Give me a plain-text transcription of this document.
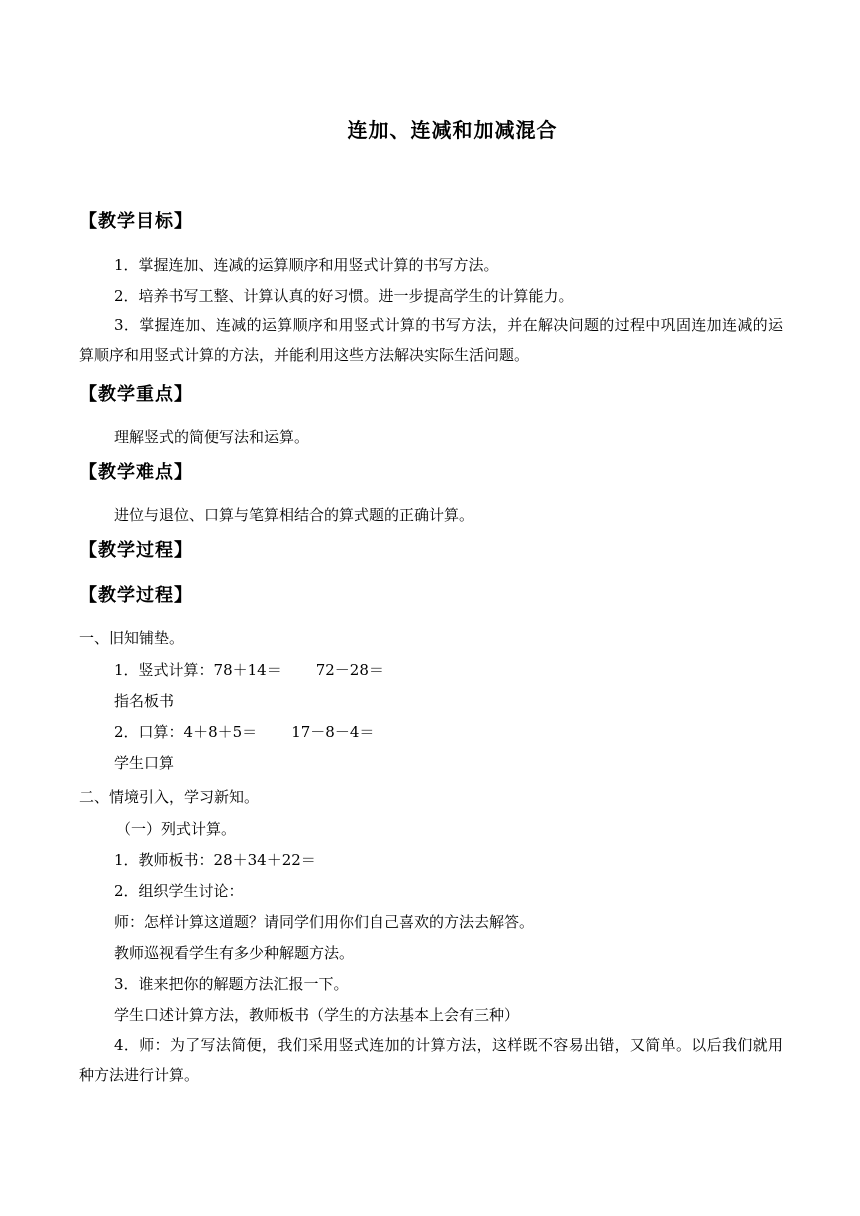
连加、连减和加减混合
【教学目标】
1．掌握连加、连减的运算顺序和用竖式计算的书写方法。
2．培养书写工整、计算认真的好习惯。进一步提高学生的计算能力。
3．掌握连加、连减的运算顺序和用竖式计算的书写方法，并在解决问题的过程中巩固连加连减的运算顺序和用竖式计算的方法，并能利用这些方法解决实际生活问题。
【教学重点】
理解竖式的简便写法和运算。
【教学难点】
进位与退位、口算与笔算相结合的算式题的正确计算。
【教学过程】
【教学过程】
一、旧知铺垫。
1．竖式计算：78＋14＝ 72－28＝
指名板书
2．口算：4＋8＋5＝ 17－8－4＝
学生口算
二、情境引入，学习新知。
（一）列式计算。
1．教师板书：28＋34＋22＝
2．组织学生讨论：
师：怎样计算这道题？请同学们用你们自己喜欢的方法去解答。
教师巡视看学生有多少种解题方法。
3．谁来把你的解题方法汇报一下。
学生口述计算方法，教师板书（学生的方法基本上会有三种）
4．师：为了写法简便，我们采用竖式连加的计算方法，这样既不容易出错，又简单。以后我们就用种方法进行计算。
